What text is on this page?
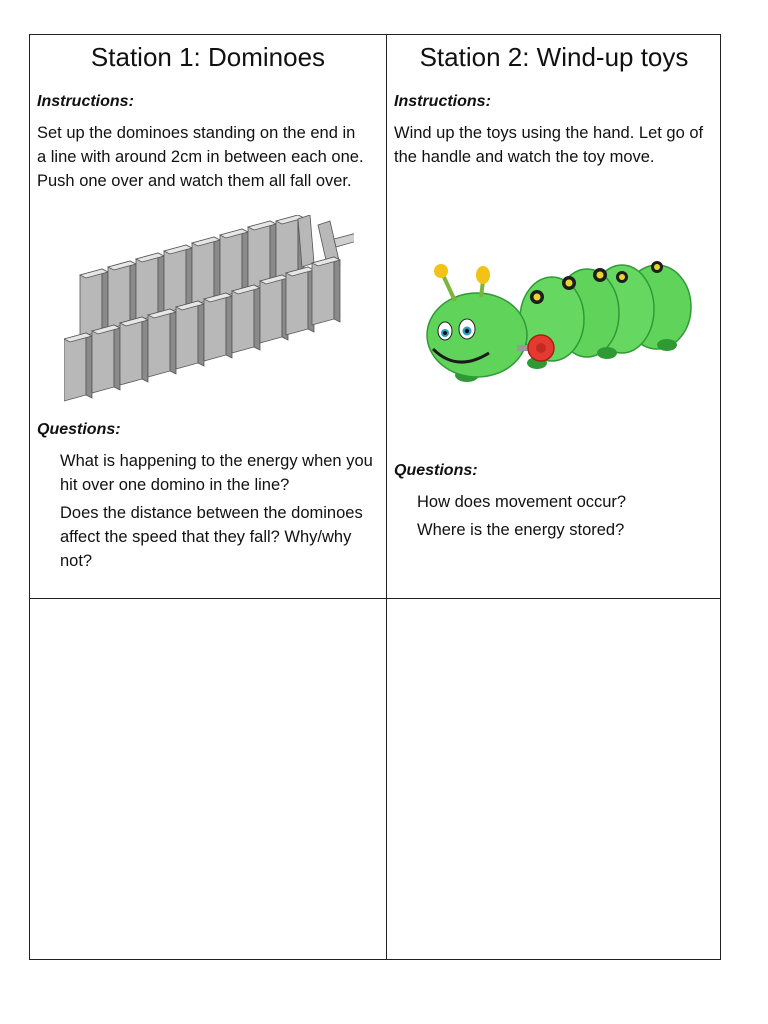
Station 1: Dominoes
Instructions:
Set up the dominoes standing on the end in a line with around 2cm in between each one. Push one over and watch them all fall over.
Questions:
What is happening to the energy when you hit over one domino in the line?
Does the distance between the dominoes affect the speed that they fall? Why/why not?
Station 2: Wind-up toys
Instructions:
Wind up the toys using the hand. Let go of the handle and watch the toy move.
Questions:
How does movement occur?
Where is the energy stored?
